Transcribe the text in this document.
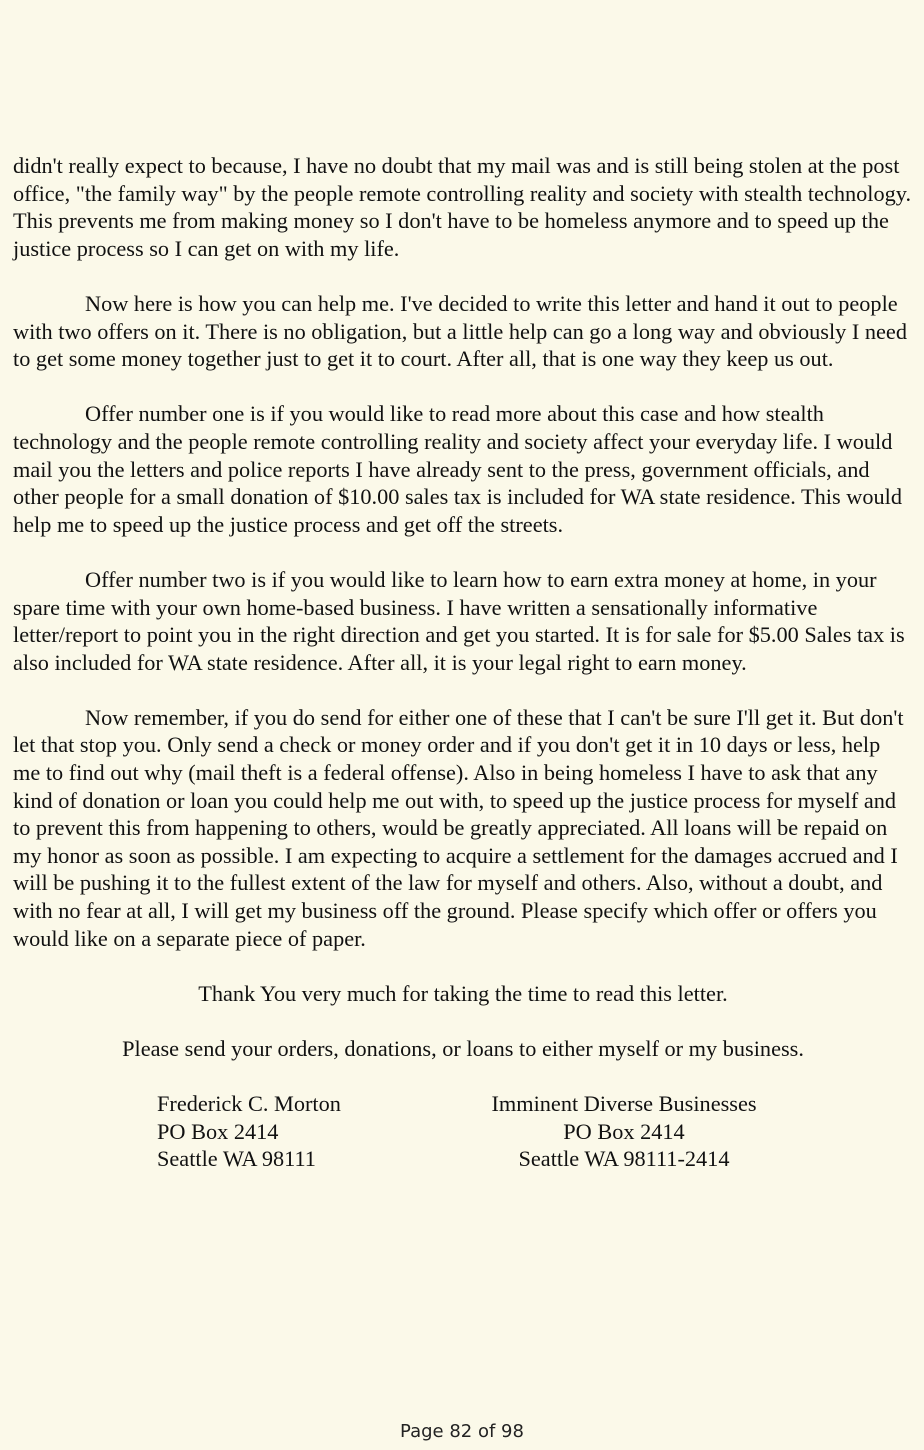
didn't really expect to because, I have no doubt that my mail was and is still being stolen at the post office, "the family way" by the people remote controlling reality and society with stealth technology. This prevents me from making money so I don't have to be homeless anymore and to speed up the justice process so I can get on with my life.

Now here is how you can help me. I've decided to write this letter and hand it out to people with two offers on it. There is no obligation, but a little help can go a long way and obviously I need to get some money together just to get it to court. After all, that is one way they keep us out.

Offer number one is if you would like to read more about this case and how stealth technology and the people remote controlling reality and society affect your everyday life. I would mail you the letters and police reports I have already sent to the press, government officials, and other people for a small donation of $10.00 sales tax is included for WA state residence. This would help me to speed up the justice process and get off the streets.

Offer number two is if you would like to learn how to earn extra money at home, in your spare time with your own home-based business. I have written a sensationally informative letter/report to point you in the right direction and get you started. It is for sale for $5.00 Sales tax is also included for WA state residence. After all, it is your legal right to earn money.

Now remember, if you do send for either one of these that I can't be sure I'll get it. But don't let that stop you. Only send a check or money order and if you don't get it in 10 days or less, help me to find out why (mail theft is a federal offense). Also in being homeless I have to ask that any kind of donation or loan you could help me out with, to speed up the justice process for myself and to prevent this from happening to others, would be greatly appreciated. All loans will be repaid on my honor as soon as possible. I am expecting to acquire a settlement for the damages accrued and I will be pushing it to the fullest extent of the law for myself and others. Also, without a doubt, and with no fear at all, I will get my business off the ground. Please specify which offer or offers you would like on a separate piece of paper.

Thank You very much for taking the time to read this letter.

Please send your orders, donations, or loans to either myself or my business.

Frederick C. Morton
PO Box 2414
Seattle WA 98111
Imminent Diverse Businesses
PO Box 2414
Seattle WA 98111-2414
Page 82 of 98
